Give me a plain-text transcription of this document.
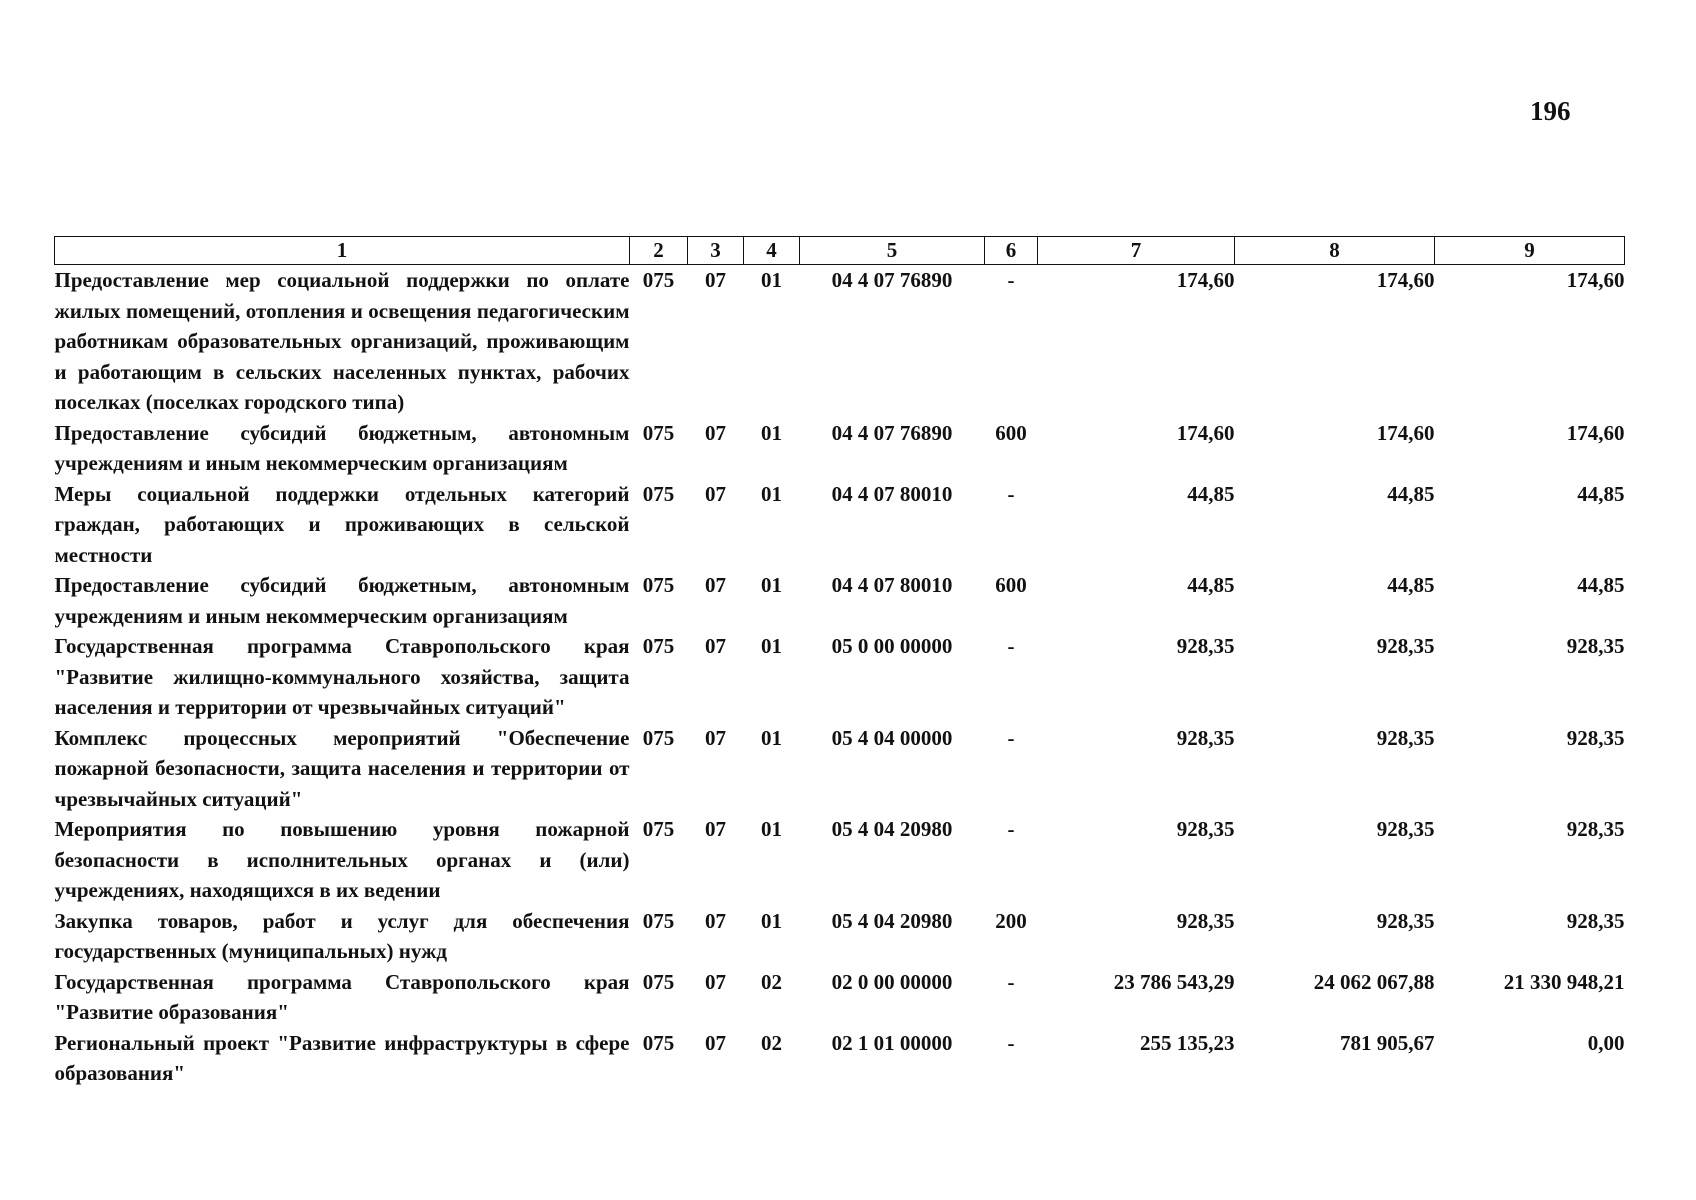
196
1	2	3	4	5	6	7	8	9
Предоставление мер социальной поддержки по оплате жилых помещений, отопления и освещения педагогическим работникам образовательных организаций, проживающим и работающим в сельских населенных пунктах, рабочих поселках (поселках городского типа)	075	07	01	04 4 07 76890	-	174,60	174,60	174,60
Предоставление субсидий бюджетным, автономным учреждениям и иным некоммерческим организациям	075	07	01	04 4 07 76890	600	174,60	174,60	174,60
Меры социальной поддержки отдельных категорий граждан, работающих и проживающих в сельской местности	075	07	01	04 4 07 80010	-	44,85	44,85	44,85
Предоставление субсидий бюджетным, автономным учреждениям и иным некоммерческим организациям	075	07	01	04 4 07 80010	600	44,85	44,85	44,85
Государственная программа Ставропольского края "Развитие жилищно-коммунального хозяйства, защита населения и территории от чрезвычайных ситуаций"	075	07	01	05 0 00 00000	-	928,35	928,35	928,35
Комплекс процессных мероприятий "Обеспечение пожарной безопасности, защита населения и территории от чрезвычайных ситуаций"	075	07	01	05 4 04 00000	-	928,35	928,35	928,35
Мероприятия по повышению уровня пожарной безопасности в исполнительных органах и (или) учреждениях, находящихся в их ведении	075	07	01	05 4 04 20980	-	928,35	928,35	928,35
Закупка товаров, работ и услуг для обеспечения государственных (муниципальных) нужд	075	07	01	05 4 04 20980	200	928,35	928,35	928,35
Государственная программа Ставропольского края "Развитие образования"	075	07	02	02 0 00 00000	-	23 786 543,29	24 062 067,88	21 330 948,21
Региональный проект "Развитие инфраструктуры в сфере образования"	075	07	02	02 1 01 00000	-	255 135,23	781 905,67	0,00
